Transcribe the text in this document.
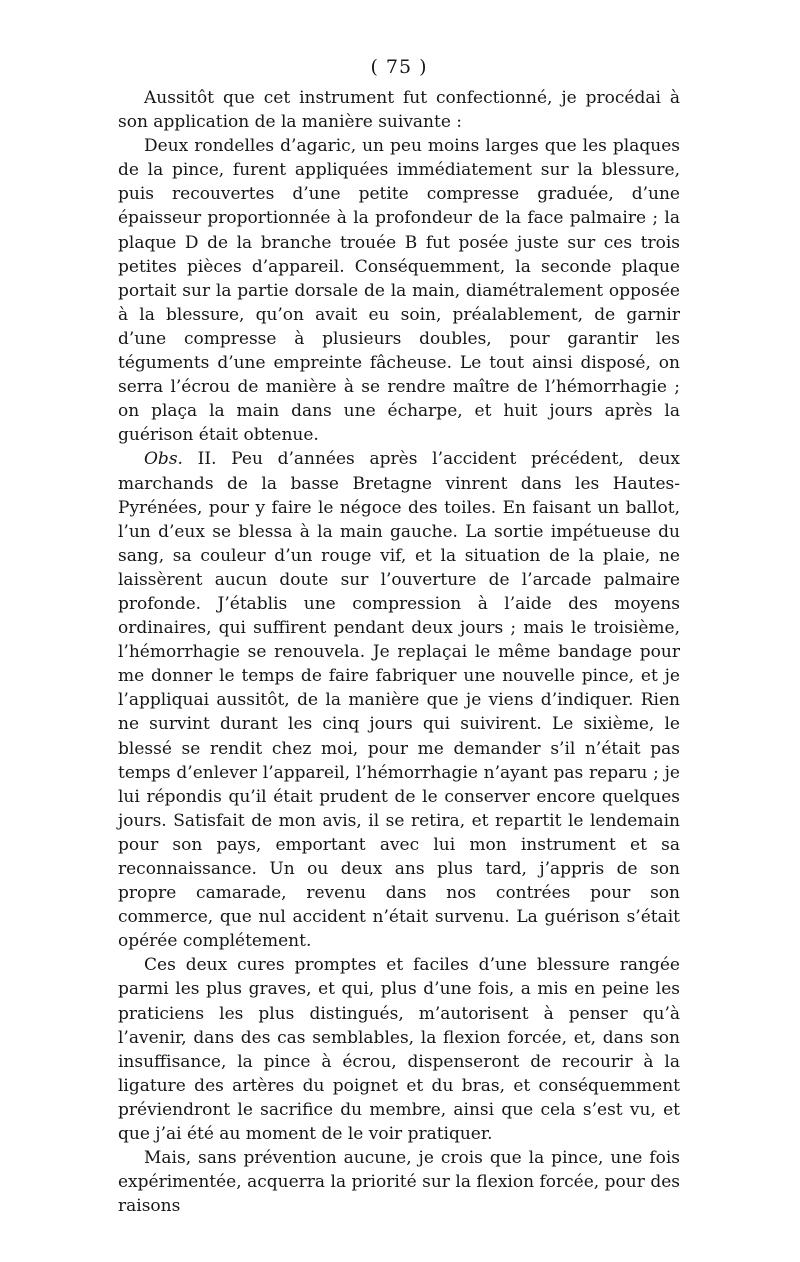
( 75 )

Aussitôt que cet instrument fut confectionné, je procédai à son application de la manière suivante :

Deux rondelles d’agaric, un peu moins larges que les plaques de la pince, furent appliquées immédiatement sur la blessure, puis recouvertes d’une petite compresse graduée, d’une épaisseur proportionnée à la profondeur de la face palmaire ; la plaque D de la branche trouée B fut posée juste sur ces trois petites pièces d’appareil. Conséquemment, la seconde plaque portait sur la partie dorsale de la main, diamétralement opposée à la blessure, qu’on avait eu soin, préalablement, de garnir d’une compresse à plusieurs doubles, pour garantir les téguments d’une empreinte fâcheuse. Le tout ainsi disposé, on serra l’écrou de manière à se rendre maître de l’hémorrhagie ; on plaça la main dans une écharpe, et huit jours après la guérison était obtenue.

Obs. II. Peu d’années après l’accident précédent, deux marchands de la basse Bretagne vinrent dans les Hautes-Pyrénées, pour y faire le négoce des toiles. En faisant un ballot, l’un d’eux se blessa à la main gauche. La sortie impétueuse du sang, sa couleur d’un rouge vif, et la situation de la plaie, ne laissèrent aucun doute sur l’ouverture de l’arcade palmaire profonde. J’établis une compression à l’aide des moyens ordinaires, qui suffirent pendant deux jours ; mais le troisième, l’hémorrhagie se renouvela. Je replaçai le même bandage pour me donner le temps de faire fabriquer une nouvelle pince, et je l’appliquai aussitôt, de la manière que je viens d’indiquer. Rien ne survint durant les cinq jours qui suivirent. Le sixième, le blessé se rendit chez moi, pour me demander s’il n’était pas temps d’enlever l’appareil, l’hémorrhagie n’ayant pas reparu ; je lui répondis qu’il était prudent de le conserver encore quelques jours. Satisfait de mon avis, il se retira, et repartit le lendemain pour son pays, emportant avec lui mon instrument et sa reconnaissance. Un ou deux ans plus tard, j’appris de son propre camarade, revenu dans nos contrées pour son commerce, que nul accident n’était survenu. La guérison s’était opérée complétement.

Ces deux cures promptes et faciles d’une blessure rangée parmi les plus graves, et qui, plus d’une fois, a mis en peine les praticiens les plus distingués, m’autorisent à penser qu’à l’avenir, dans des cas semblables, la flexion forcée, et, dans son insuffisance, la pince à écrou, dispenseront de recourir à la ligature des artères du poignet et du bras, et conséquemment préviendront le sacrifice du membre, ainsi que cela s’est vu, et que j’ai été au moment de le voir pratiquer.

Mais, sans prévention aucune, je crois que la pince, une fois expérimentée, acquerra la priorité sur la flexion forcée, pour des raisons
